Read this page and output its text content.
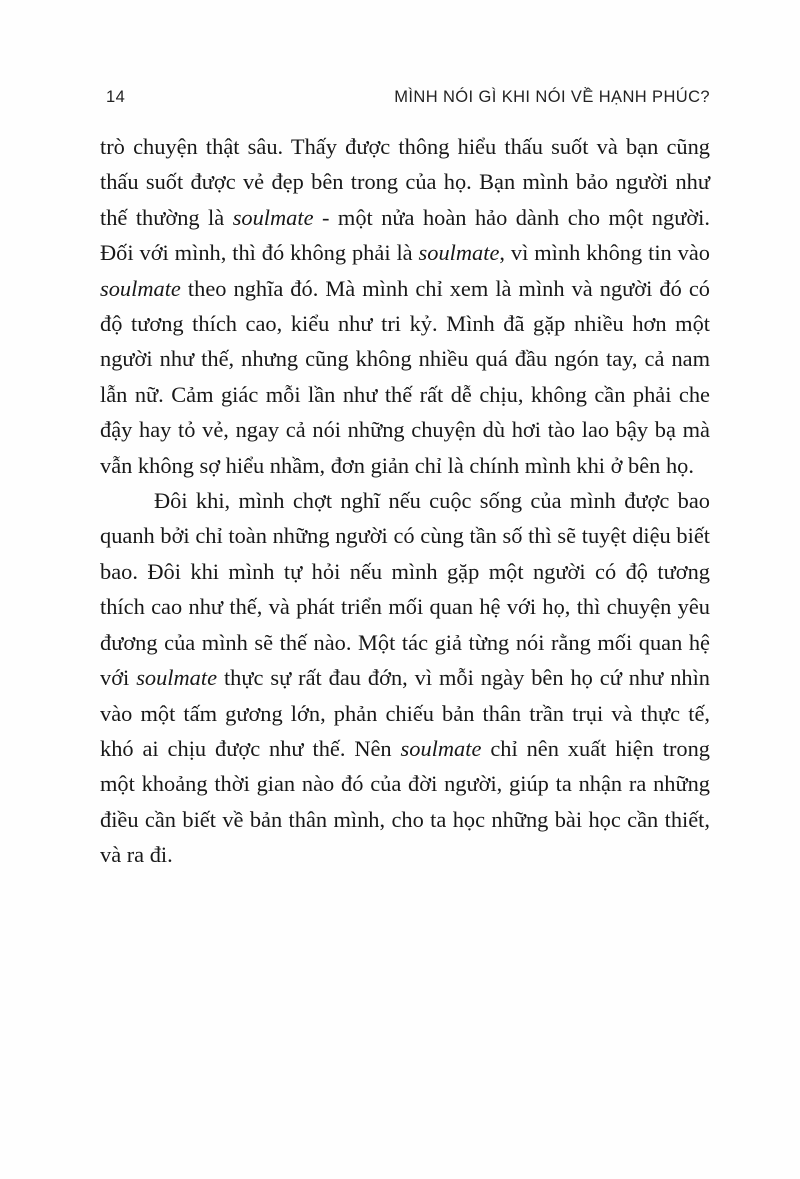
14	MÌNH NÓI GÌ KHI NÓI VỀ HẠNH PHÚC?

trò chuyện thật sâu. Thấy được thông hiểu thấu suốt và bạn cũng thấu suốt được vẻ đẹp bên trong của họ. Bạn mình bảo người như thế thường là soulmate - một nửa hoàn hảo dành cho một người. Đối với mình, thì đó không phải là soulmate, vì mình không tin vào soulmate theo nghĩa đó. Mà mình chỉ xem là mình và người đó có độ tương thích cao, kiểu như tri kỷ. Mình đã gặp nhiều hơn một người như thế, nhưng cũng không nhiều quá đầu ngón tay, cả nam lẫn nữ. Cảm giác mỗi lần như thế rất dễ chịu, không cần phải che đậy hay tỏ vẻ, ngay cả nói những chuyện dù hơi tào lao bậy bạ mà vẫn không sợ hiểu nhầm, đơn giản chỉ là chính mình khi ở bên họ.

Đôi khi, mình chợt nghĩ nếu cuộc sống của mình được bao quanh bởi chỉ toàn những người có cùng tần số thì sẽ tuyệt diệu biết bao. Đôi khi mình tự hỏi nếu mình gặp một người có độ tương thích cao như thế, và phát triển mối quan hệ với họ, thì chuyện yêu đương của mình sẽ thế nào. Một tác giả từng nói rằng mối quan hệ với soulmate thực sự rất đau đớn, vì mỗi ngày bên họ cứ như nhìn vào một tấm gương lớn, phản chiếu bản thân trần trụi và thực tế, khó ai chịu được như thế. Nên soulmate chỉ nên xuất hiện trong một khoảng thời gian nào đó của đời người, giúp ta nhận ra những điều cần biết về bản thân mình, cho ta học những bài học cần thiết, và ra đi.
